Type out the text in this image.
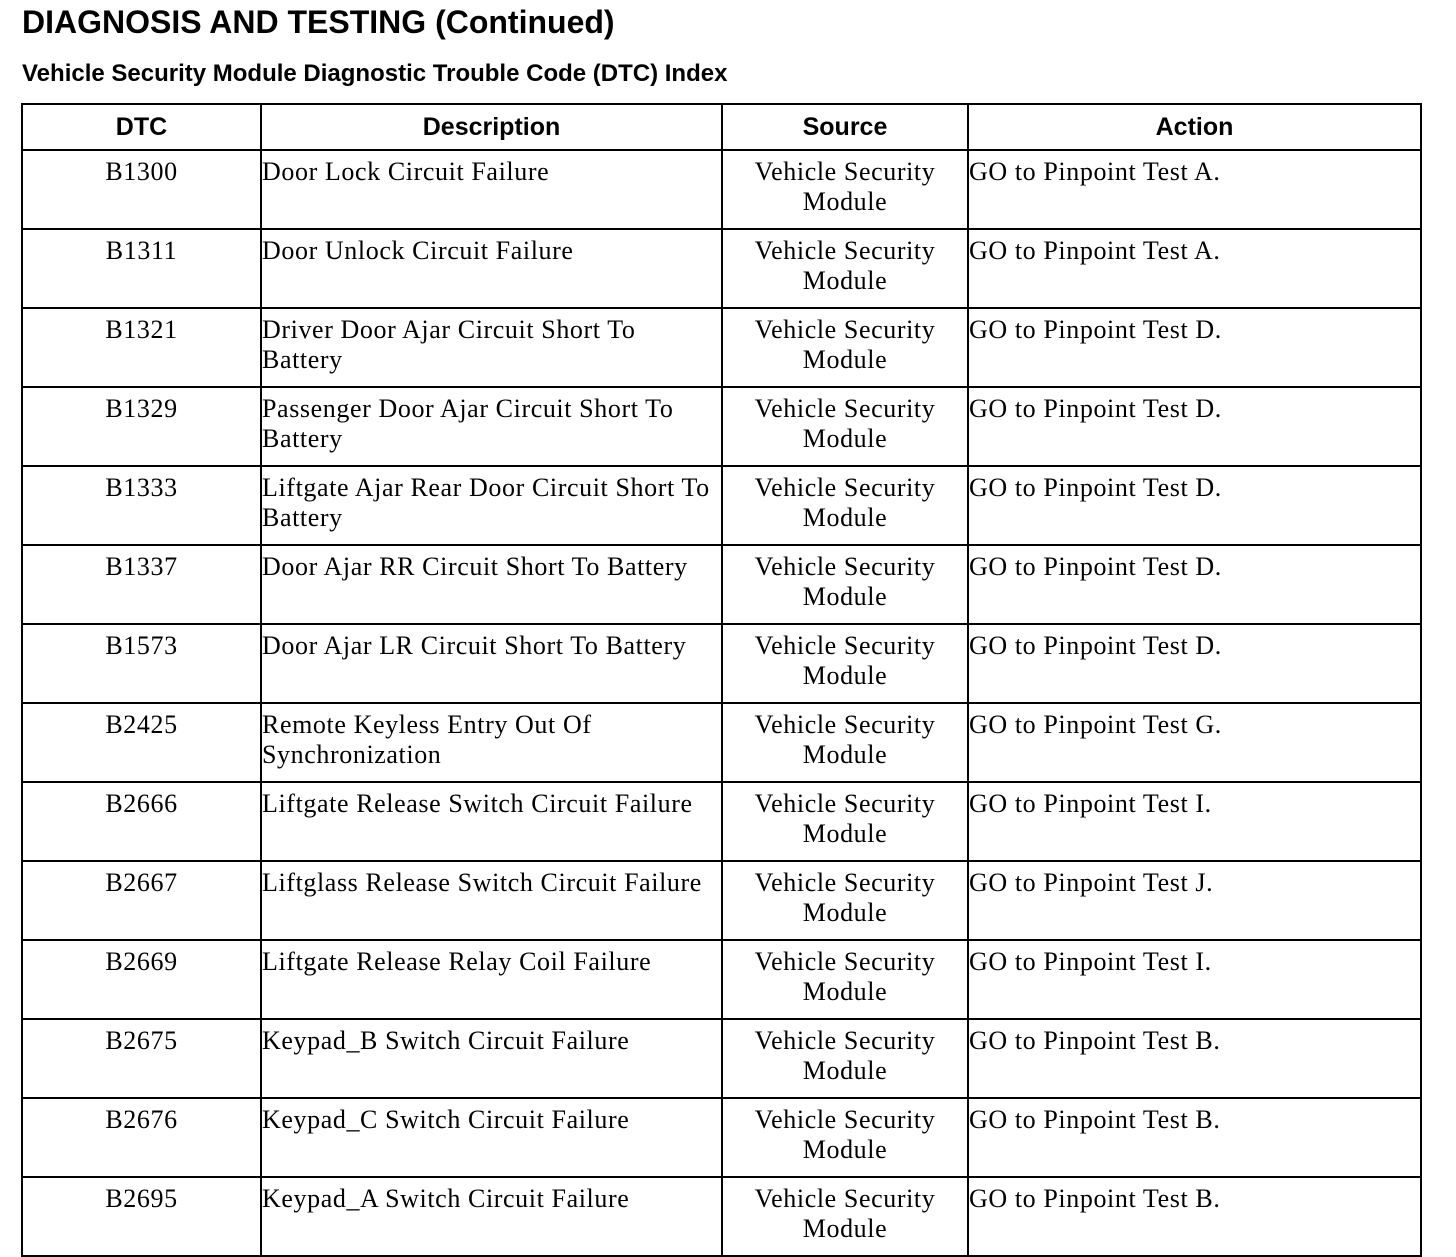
DIAGNOSIS AND TESTING (Continued)
Vehicle Security Module Diagnostic Trouble Code (DTC) Index
DTC	Description	Source	Action
B1300	Door Lock Circuit Failure	Vehicle Security Module	GO to Pinpoint Test A.
B1311	Door Unlock Circuit Failure	Vehicle Security Module	GO to Pinpoint Test A.
B1321	Driver Door Ajar Circuit Short To Battery	Vehicle Security Module	GO to Pinpoint Test D.
B1329	Passenger Door Ajar Circuit Short To Battery	Vehicle Security Module	GO to Pinpoint Test D.
B1333	Liftgate Ajar Rear Door Circuit Short To Battery	Vehicle Security Module	GO to Pinpoint Test D.
B1337	Door Ajar RR Circuit Short To Battery	Vehicle Security Module	GO to Pinpoint Test D.
B1573	Door Ajar LR Circuit Short To Battery	Vehicle Security Module	GO to Pinpoint Test D.
B2425	Remote Keyless Entry Out Of Synchronization	Vehicle Security Module	GO to Pinpoint Test G.
B2666	Liftgate Release Switch Circuit Failure	Vehicle Security Module	GO to Pinpoint Test I.
B2667	Liftglass Release Switch Circuit Failure	Vehicle Security Module	GO to Pinpoint Test J.
B2669	Liftgate Release Relay Coil Failure	Vehicle Security Module	GO to Pinpoint Test I.
B2675	Keypad_B Switch Circuit Failure	Vehicle Security Module	GO to Pinpoint Test B.
B2676	Keypad_C Switch Circuit Failure	Vehicle Security Module	GO to Pinpoint Test B.
B2695	Keypad_A Switch Circuit Failure	Vehicle Security Module	GO to Pinpoint Test B.
